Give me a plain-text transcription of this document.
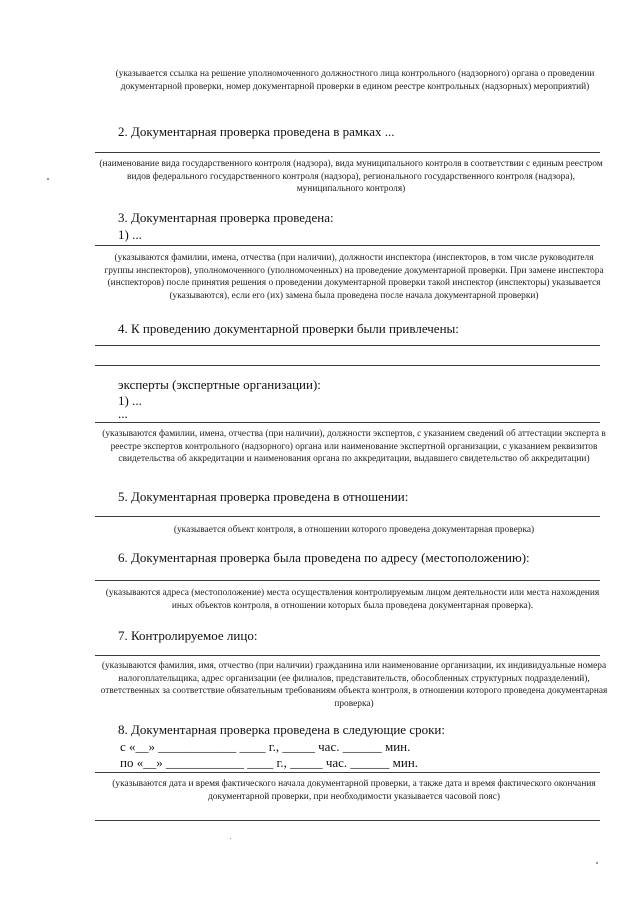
(указывается ссылка на решение уполномоченного должностного лица контрольного (надзорного) органа о проведении документарной проверки, номер документарной проверки в едином реестре контрольных (надзорных) мероприятий)
2. Документарная проверка проведена в рамках ...
(наименование вида государственного контроля (надзора), вида муниципального контроля в соответствии с единым реестром видов федерального государственного контроля (надзора), регионального государственного контроля (надзора), муниципального контроля)
3. Документарная проверка проведена:
1) ...
(указываются фамилии, имена, отчества (при наличии), должности инспектора (инспекторов, в том числе руководителя группы инспекторов), уполномоченного (уполномоченных) на проведение документарной проверки. При замене инспектора (инспекторов) после принятия решения о проведении документарной проверки такой инспектор (инспекторы) указывается (указываются), если его (их) замена была проведена после начала документарной проверки)
4. К проведению документарной проверки были привлечены:
эксперты (экспертные организации):
1) ...
...
(указываются фамилии, имена, отчества (при наличии), должности экспертов, с указанием сведений об аттестации эксперта в реестре экспертов контрольного (надзорного) органа или наименование экспертной организации, с указанием реквизитов свидетельства об аккредитации и наименования органа по аккредитации, выдавшего свидетельство об аккредитации)
5. Документарная проверка проведена в отношении:
(указывается объект контроля, в отношении которого проведена документарная проверка)
6. Документарная проверка была проведена по адресу (местоположению):
(указываются адреса (местоположение) места осуществления контролируемым лицом деятельности или места нахождения иных объектов контроля, в отношении которых была проведена документарная проверка).
7. Контролируемое лицо:
(указываются фамилия, имя, отчество (при наличии) гражданина или наименование организации, их индивидуальные номера налогоплательщика, адрес организации (ее филиалов, представительств, обособленных структурных подразделений), ответственных за соответствие обязательным требованиям объекта контроля, в отношении которого проведена документарная проверка)
8. Документарная проверка проведена в следующие сроки:
с «__» ____________ ____ г., _____ час. ______ мин.
по «__» ____________ ____ г., _____ час. ______ мин.
(указываются дата и время фактического начала документарной проверки, а также дата и время фактического окончания документарной проверки, при необходимости указывается часовой пояс)
